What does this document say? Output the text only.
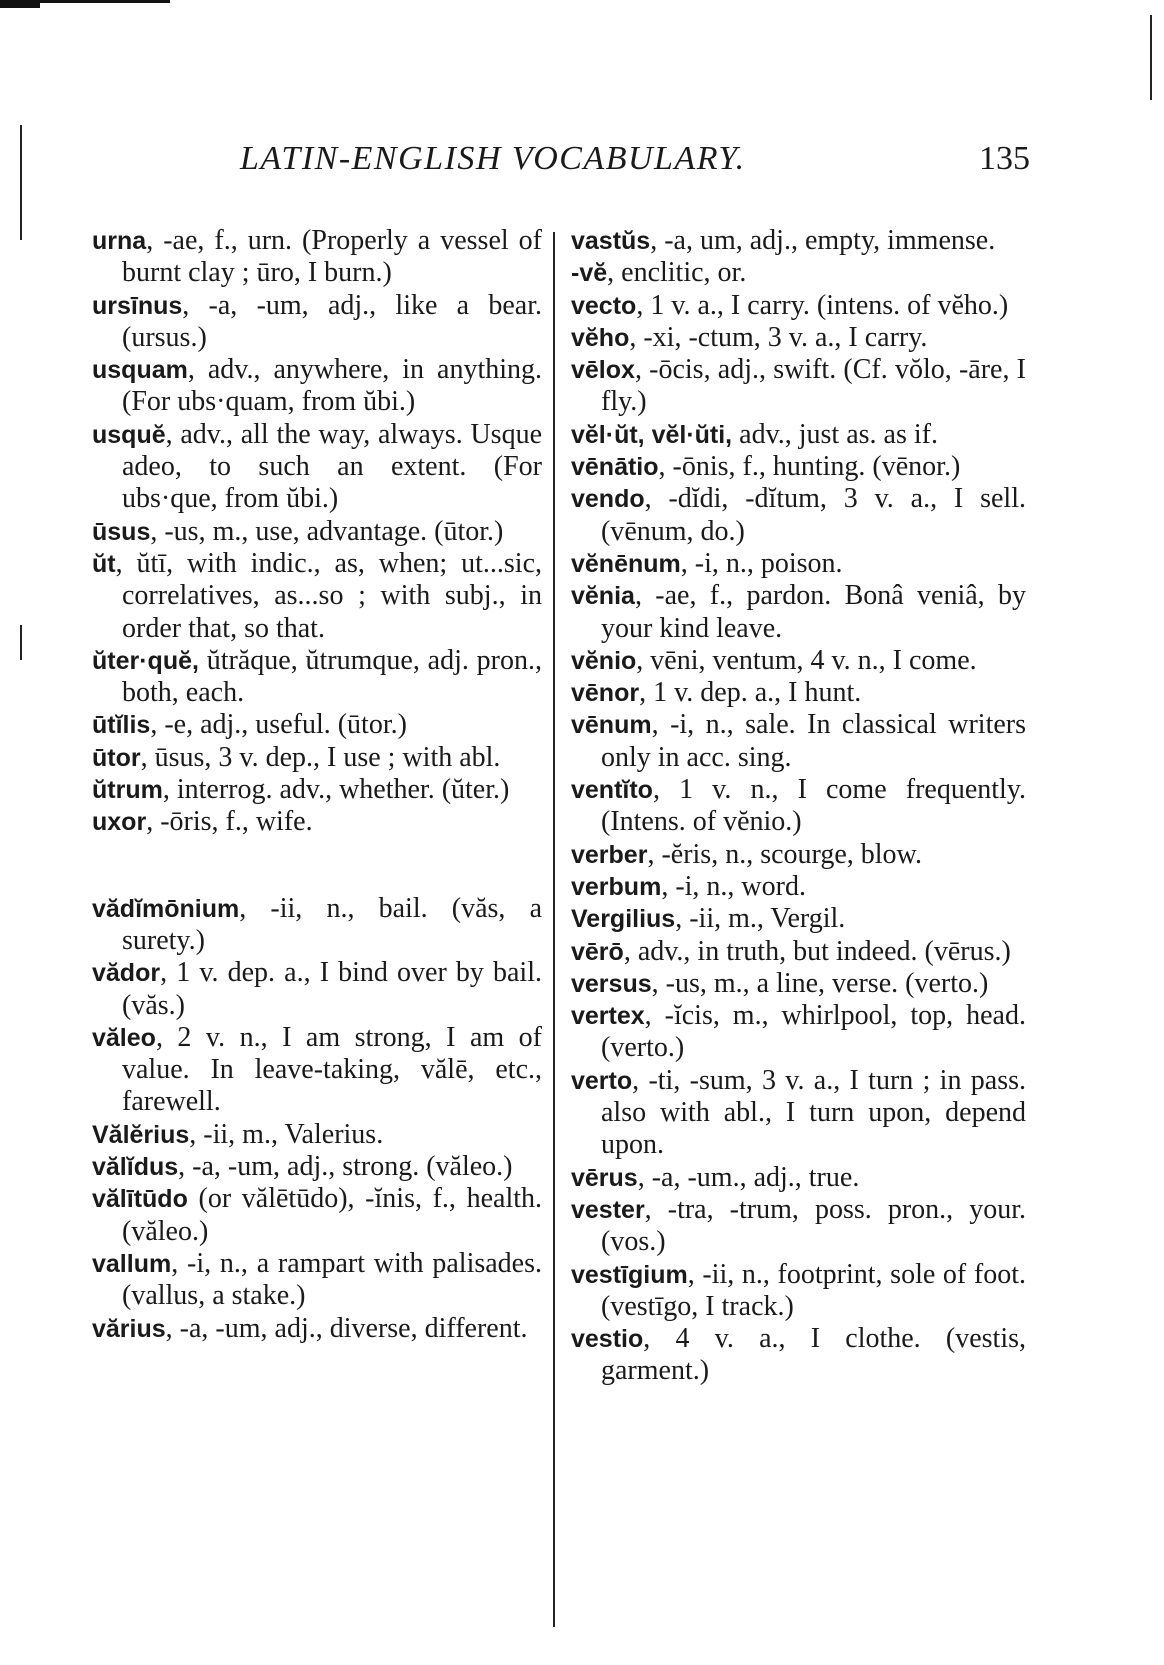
LATIN-ENGLISH VOCABULARY.	135
urna, -ae, f., urn. (Properly a vessel of burnt clay ; ūro, I burn.)
ursīnus, -a, -um, adj., like a bear. (ursus.)
usquam, adv., anywhere, in anything. (For ubs·quam, from ŭbi.)
usquĕ, adv., all the way, always. Usque adeo, to such an extent. (For ubs·que, from ŭbi.)
ūsus, -us, m., use, advantage. (ūtor.)
ŭt, ŭtī, with indic., as, when; ut...sic, correlatives, as...so ; with subj., in order that, so that.
ŭter·quĕ, ŭtrăque, ŭtrumque, adj. pron., both, each.
ūtĭlis, -e, adj., useful. (ūtor.)
ūtor, ūsus, 3 v. dep., I use ; with abl.
ŭtrum, interrog. adv., whether. (ŭter.)
uxor, -ōris, f., wife.
vădĭmōnium, -ii, n., bail. (văs, a surety.)
vădor, 1 v. dep. a., I bind over by bail. (văs.)
văleo, 2 v. n., I am strong, I am of value. In leave-taking, vălē, etc., farewell.
Vălĕrius, -ii, m., Valerius.
vălĭdus, -a, -um, adj., strong. (văleo.)
vălītūdo (or vălētūdo), -ĭnis, f., health. (văleo.)
vallum, -i, n., a rampart with palisades. (vallus, a stake.)
vărius, -a, -um, adj., diverse, different.
vastŭs, -a, um, adj., empty, immense.
-vĕ, enclitic, or.
vecto, 1 v. a., I carry. (intens. of vĕho.)
vĕho, -xi, -ctum, 3 v. a., I carry.
vēlox, -ōcis, adj., swift. (Cf. vŏlo, -āre, I fly.)
vĕl·ŭt, vĕl·ŭti, adv., just as. as if.
vēnātio, -ōnis, f., hunting. (vēnor.)
vendo, -dĭdi, -dĭtum, 3 v. a., I sell. (vēnum, do.)
vĕnēnum, -i, n., poison.
vĕnia, -ae, f., pardon. Bonâ veniâ, by your kind leave.
vĕnio, vēni, ventum, 4 v. n., I come.
vēnor, 1 v. dep. a., I hunt.
vēnum, -i, n., sale. In classical writers only in acc. sing.
ventĭto, 1 v. n., I come frequently. (Intens. of vĕnio.)
verber, -ĕris, n., scourge, blow.
verbum, -i, n., word.
Vergilius, -ii, m., Vergil.
vērō, adv., in truth, but indeed. (vērus.)
versus, -us, m., a line, verse. (verto.)
vertex, -ĭcis, m., whirlpool, top, head. (verto.)
verto, -ti, -sum, 3 v. a., I turn ; in pass. also with abl., I turn upon, depend upon.
vērus, -a, -um., adj., true.
vester, -tra, -trum, poss. pron., your. (vos.)
vestīgium, -ii, n., footprint, sole of foot. (vestīgo, I track.)
vestio, 4 v. a., I clothe. (vestis, garment.)
